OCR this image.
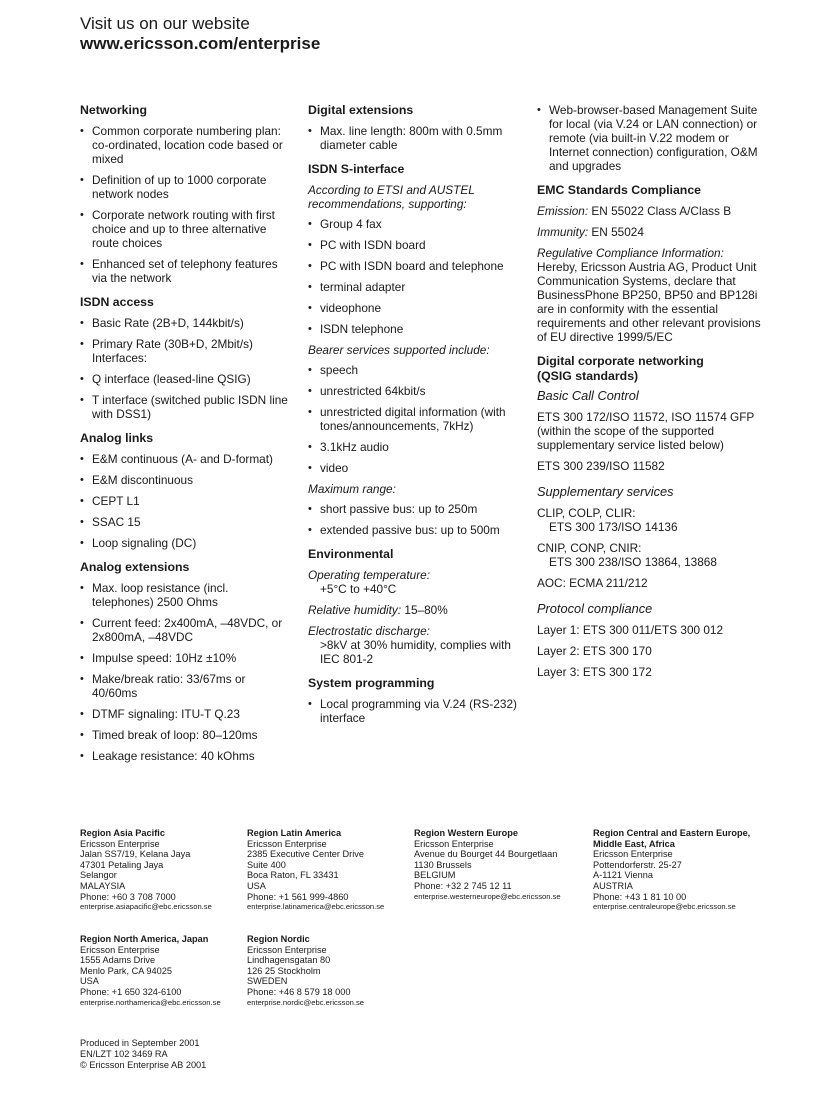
Visit us on our website
www.ericsson.com/enterprise
Networking
• Common corporate numbering plan: co-ordinated, location code based or mixed
• Definition of up to 1000 corporate network nodes
• Corporate network routing with first choice and up to three alternative route choices
• Enhanced set of telephony features via the network
ISDN access
• Basic Rate (2B+D, 144kbit/s)
• Primary Rate (30B+D, 2Mbit/s) Interfaces:
• Q interface (leased-line QSIG)
• T interface (switched public ISDN line with DSS1)
Analog links
• E&M continuous (A- and D-format)
• E&M discontinuous
• CEPT L1
• SSAC 15
• Loop signaling (DC)
Analog extensions
• Max. loop resistance (incl. telephones) 2500 Ohms
• Current feed: 2x400mA, –48VDC, or 2x800mA, –48VDC
• Impulse speed: 10Hz ±10%
• Make/break ratio: 33/67ms or 40/60ms
• DTMF signaling: ITU-T Q.23
• Timed break of loop: 80–120ms
• Leakage resistance: 40 kOhms
Digital extensions
• Max. line length: 800m with 0.5mm diameter cable
ISDN S-interface

According to ETSI and AUSTEL recommendations, supporting:

• Group 4 fax
• PC with ISDN board
• PC with ISDN board and telephone
• terminal adapter
• videophone
• ISDN telephone

Bearer services supported include:

• speech
• unrestricted 64kbit/s
• unrestricted digital information (with tones/announcements, 7kHz)
• 3.1kHz audio
• video

Maximum range:

• short passive bus: up to 250m
• extended passive bus: up to 500m
Environmental

Operating temperature:

+5°C to +40°C

Relative humidity: 15–80%

Electrostatic discharge:

>8kV at 30% humidity, complies with IEC 801-2

System programming
• Local programming via V.24 (RS-232) interface
• Web-browser-based Management Suite for local (via V.24 or LAN connection) or remote (via built-in V.22 modem or Internet connection) configuration, O&M and upgrades
EMC Standards Compliance

Emission: EN 55022 Class A/Class B

Immunity: EN 55024

Regulative Compliance Information:

Hereby, Ericsson Austria AG, Product Unit Communication Systems, declare that BusinessPhone BP250, BP50 and BP128i are in conformity with the essential requirements and other relevant provisions of EU directive 1999/5/EC

Digital corporate networking
(QSIG standards)

Basic Call Control

ETS 300 172/ISO 11572, ISO 11574 GFP (within the scope of the supported supplementary service listed below)

ETS 300 239/ISO 11582

Supplementary services

CLIP, COLP, CLIR:

ETS 300 173/ISO 14136

CNIP, CONP, CNIR:

ETS 300 238/ISO 13864, 13868

AOC: ECMA 211/212

Protocol compliance

Layer 1: ETS 300 011/ETS 300 012

Layer 2: ETS 300 170

Layer 3: ETS 300 172

Region Asia Pacific
Ericsson Enterprise
Jalan SS7/19, Kelana Jaya
47301 Petaling Jaya
Selangor
MALAYSIA
Phone: +60 3 708 7000
enterprise.asiapacific@ebc.ericsson.se
Region Latin America
Ericsson Enterprise
2385 Executive Center Drive
Suite 400
Boca Raton, FL 33431
USA
Phone: +1 561 999-4860
enterprise.latinamerica@ebc.ericsson.se
Region Western Europe
Ericsson Enterprise
Avenue du Bourget 44 Bourgetlaan
1130 Brussels
BELGIUM
Phone: +32 2 745 12 11
enterprise.westerneurope@ebc.ericsson.se
Region Central and Eastern Europe, Middle East, Africa
Ericsson Enterprise
Pottendorferstr. 25-27
A-1121 Vienna
AUSTRIA
Phone: +43 1 81 10 00
enterprise.centraleurope@ebc.ericsson.se
Region North America, Japan
Ericsson Enterprise
1555 Adams Drive
Menlo Park, CA 94025
USA
Phone: +1 650 324-6100
enterprise.northamerica@ebc.ericsson.se
Region Nordic
Ericsson Enterprise
Lindhagensgatan 80
126 25 Stockholm
SWEDEN
Phone: +46 8 579 18 000
enterprise.nordic@ebc.ericsson.se
Produced in September 2001
EN/LZT 102 3469 RA
© Ericsson Enterprise AB 2001
